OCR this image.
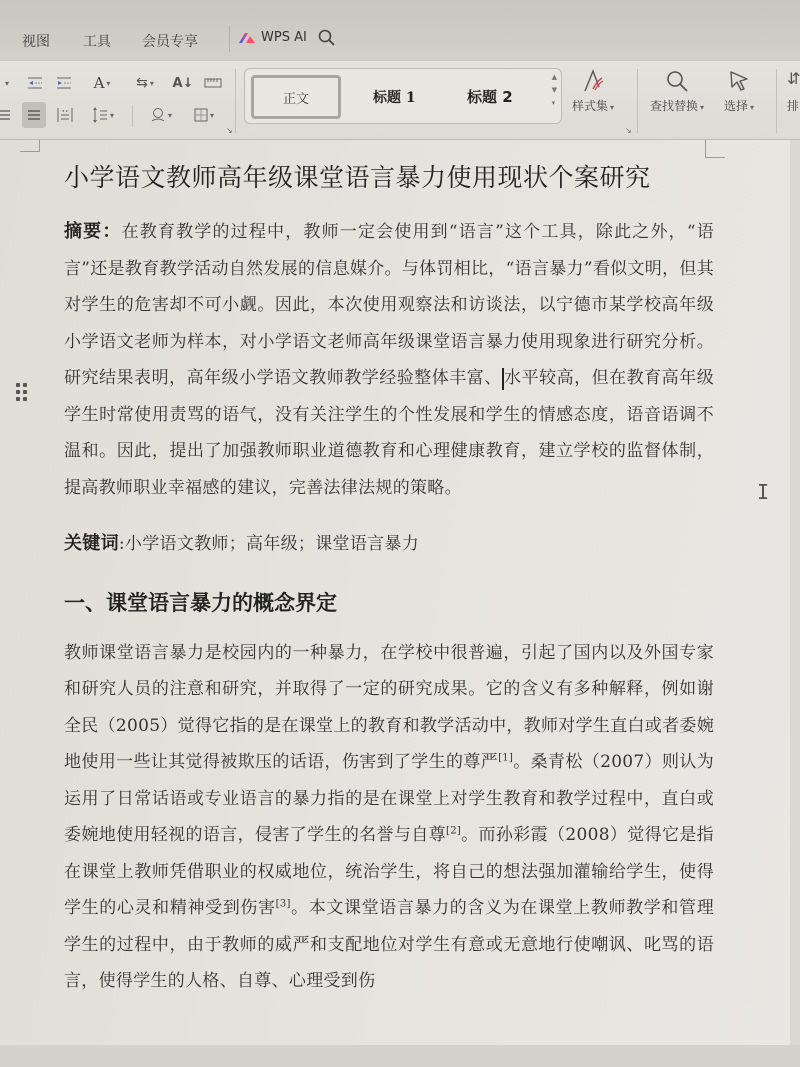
视图 工具 会员专享	WPS AI
▾	A ▾ ⇆ ▾ A↓
▾	▾	▾
↘	↘
样式集 ▾	查找替换 ▾ 选择 ▾
⇵
排
正文	标题 1	标题 2
▲
▼
▾
小学语文教师高年级课堂语言暴力使用现状个案研究

摘要：在教育教学的过程中，教师一定会使用到“语言”这个工具，除此之外，“语言”还是教育教学活动自然发展的信息媒介。与体罚相比，“语言暴力”看似文明，但其对学生的危害却不可小觑。因此，本次使用观察法和访谈法，以宁德市某学校高年级小学语文老师为样本，对小学语文老师高年级课堂语言暴力使用现象进行研究分析。研究结果表明，高年级小学语文教师教学经验整体丰富、 水平较高，但在教育高年级学生时常使用责骂的语气，没有关注学生的个性发展和学生的情感态度，语音语调不温和。因此，提出了加强教师职业道德教育和心理健康教育，建立学校的监督体制，提高教师职业幸福感的建议，完善法律法规的策略。

关键词:小学语文教师；高年级；课堂语言暴力

一、课堂语言暴力的概念界定

教师课堂语言暴力是校园内的一种暴力，在学校中很普遍，引起了国内以及外国专家和研究人员的注意和研究，并取得了一定的研究成果。它的含义有多种解释，例如谢全民（2005）觉得它指的是在课堂上的教育和教学活动中，教师对学生直白或者委婉地使用一些让其觉得被欺压的话语，伤害到了学生的尊严[1]。桑青松（2007）则认为运用了日常话语或专业语言的暴力指的是在课堂上对学生教育和教学过程中，直白或委婉地使用轻视的语言，侵害了学生的名誉与自尊[2]。而孙彩霞（2008）觉得它是指在课堂上教师凭借职业的权威地位，统治学生，将自己的想法强加灌输给学生，使得学生的心灵和精神受到伤害[3]。本文课堂语言暴力的含义为在课堂上教师教学和管理学生的过程中，由于教师的威严和支配地位对学生有意或无意地行使嘲讽、叱骂的语言，使得学生的人格、自尊、心理受到伤

I
